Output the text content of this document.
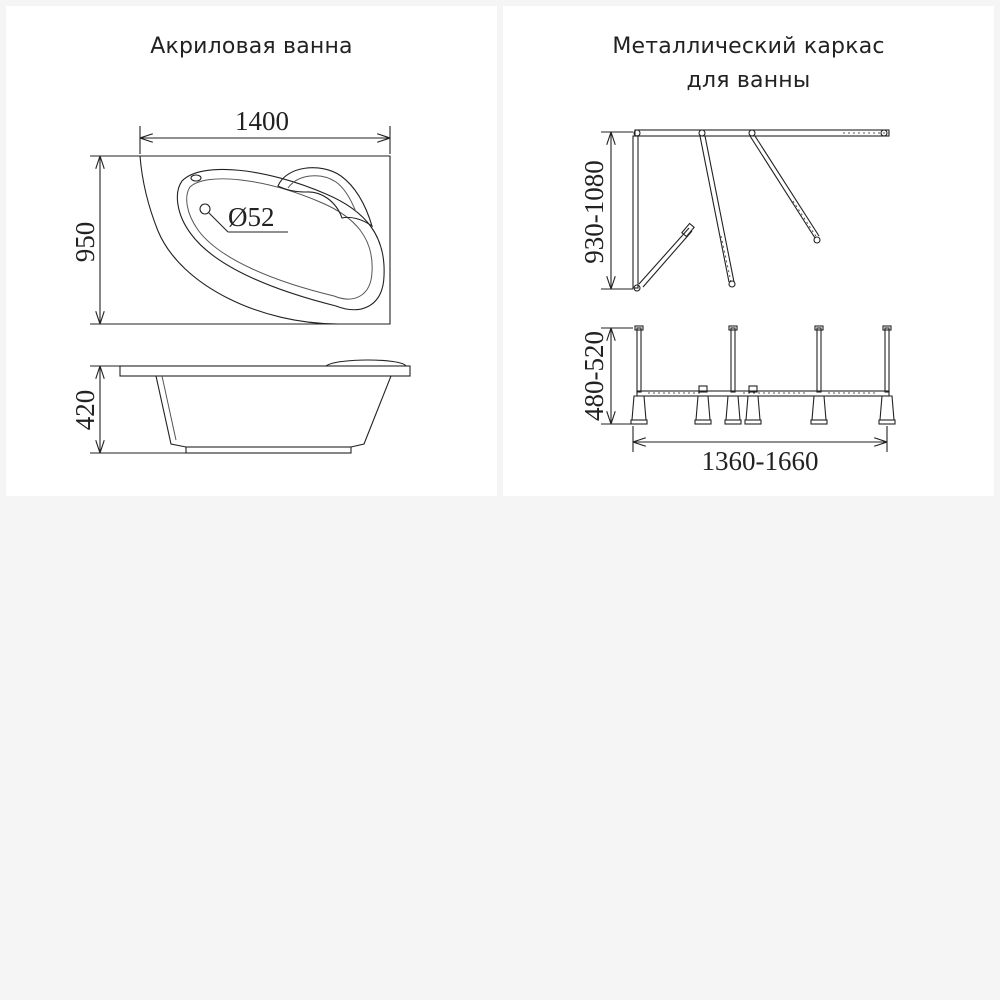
Акриловая ванна
1400
950
Ø52
420
Металлический каркас
для ванны
930-1080
480-520
1360-1660
